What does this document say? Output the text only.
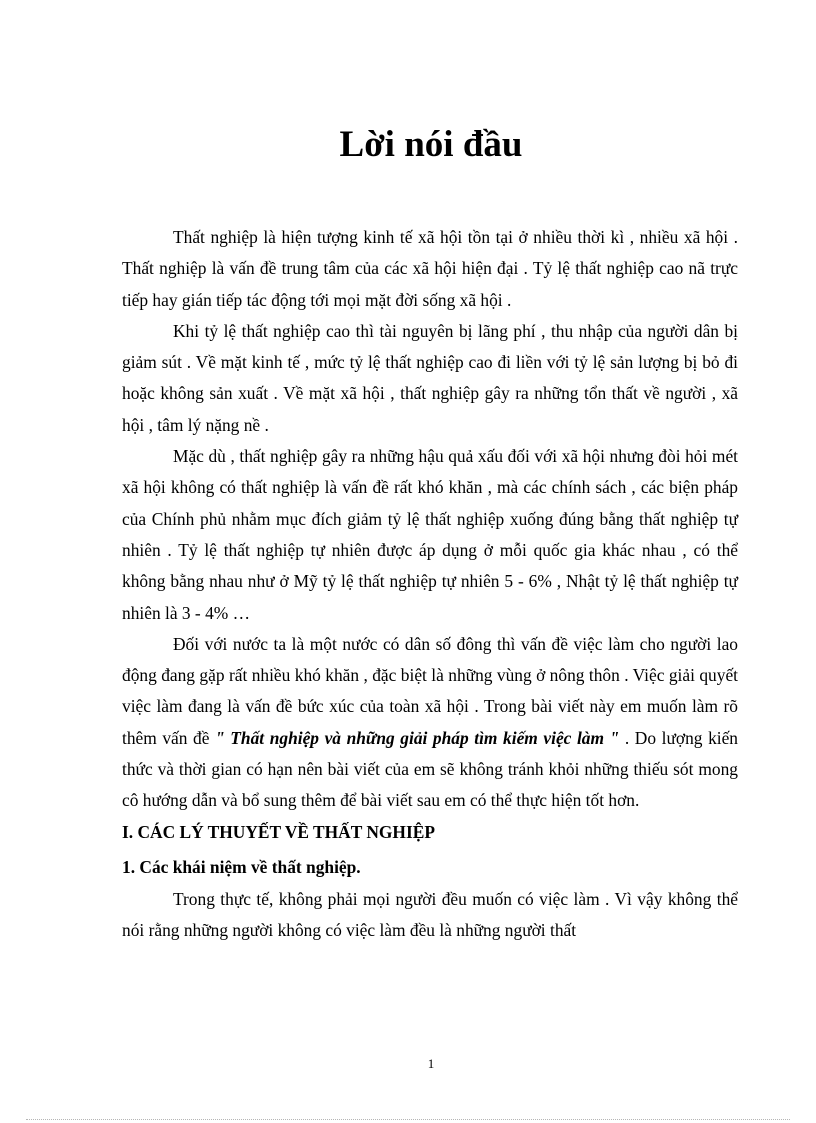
Lời nói đầu

Thất nghiệp là hiện tượng kinh tế xã hội tồn tại ở nhiều thời kì , nhiều xã hội . Thất nghiệp là vấn đề trung tâm của các xã hội hiện đại . Tỷ lệ thất nghiệp cao nã trực tiếp hay gián tiếp tác động tới mọi mặt đời sống xã hội .

Khi tỷ lệ thất nghiệp cao thì tài nguyên bị lãng phí , thu nhập của người dân bị giảm sút . Về mặt kinh tế , mức tỷ lệ thất nghiệp cao đi liền với tỷ lệ sản lượng bị bỏ đi hoặc không sản xuất . Về mặt xã hội , thất nghiệp gây ra những tổn thất về người , xã hội , tâm lý nặng nề .

Mặc dù , thất nghiệp gây ra những hậu quả xấu đối với xã hội nhưng đòi hỏi mét xã hội không có thất nghiệp là vấn đề rất khó khăn , mà các chính sách , các biện pháp của Chính phủ nhằm mục đích giảm tỷ lệ thất nghiệp xuống đúng bằng thất nghiệp tự nhiên . Tỷ lệ thất nghiệp tự nhiên được áp dụng ở mỗi quốc gia khác nhau , có thể không bằng nhau như ở Mỹ tỷ lệ thất nghiệp tự nhiên 5 - 6% , Nhật tỷ lệ thất nghiệp tự nhiên là 3 - 4% …

Đối với nước ta là một nước có dân số đông thì vấn đề việc làm cho người lao động đang gặp rất nhiều khó khăn , đặc biệt là những vùng ở nông thôn . Việc giải quyết việc làm đang là vấn đề bức xúc của toàn xã hội . Trong bài viết này em muốn làm rõ thêm vấn đề " Thất nghiệp và những giải pháp tìm kiếm việc làm " . Do lượng kiến thức và thời gian có hạn nên bài viết của em sẽ không tránh khỏi những thiếu sót mong cô hướng dẫn và bổ sung thêm để bài viết sau em có thể thực hiện tốt hơn.

I. CÁC LÝ THUYẾT VỀ THẤT NGHIỆP
1. Các khái niệm về thất nghiệp.

Trong thực tế, không phải mọi người đều muốn có việc làm . Vì vậy không thể nói rằng những người không có việc làm đều là những người thất

1
